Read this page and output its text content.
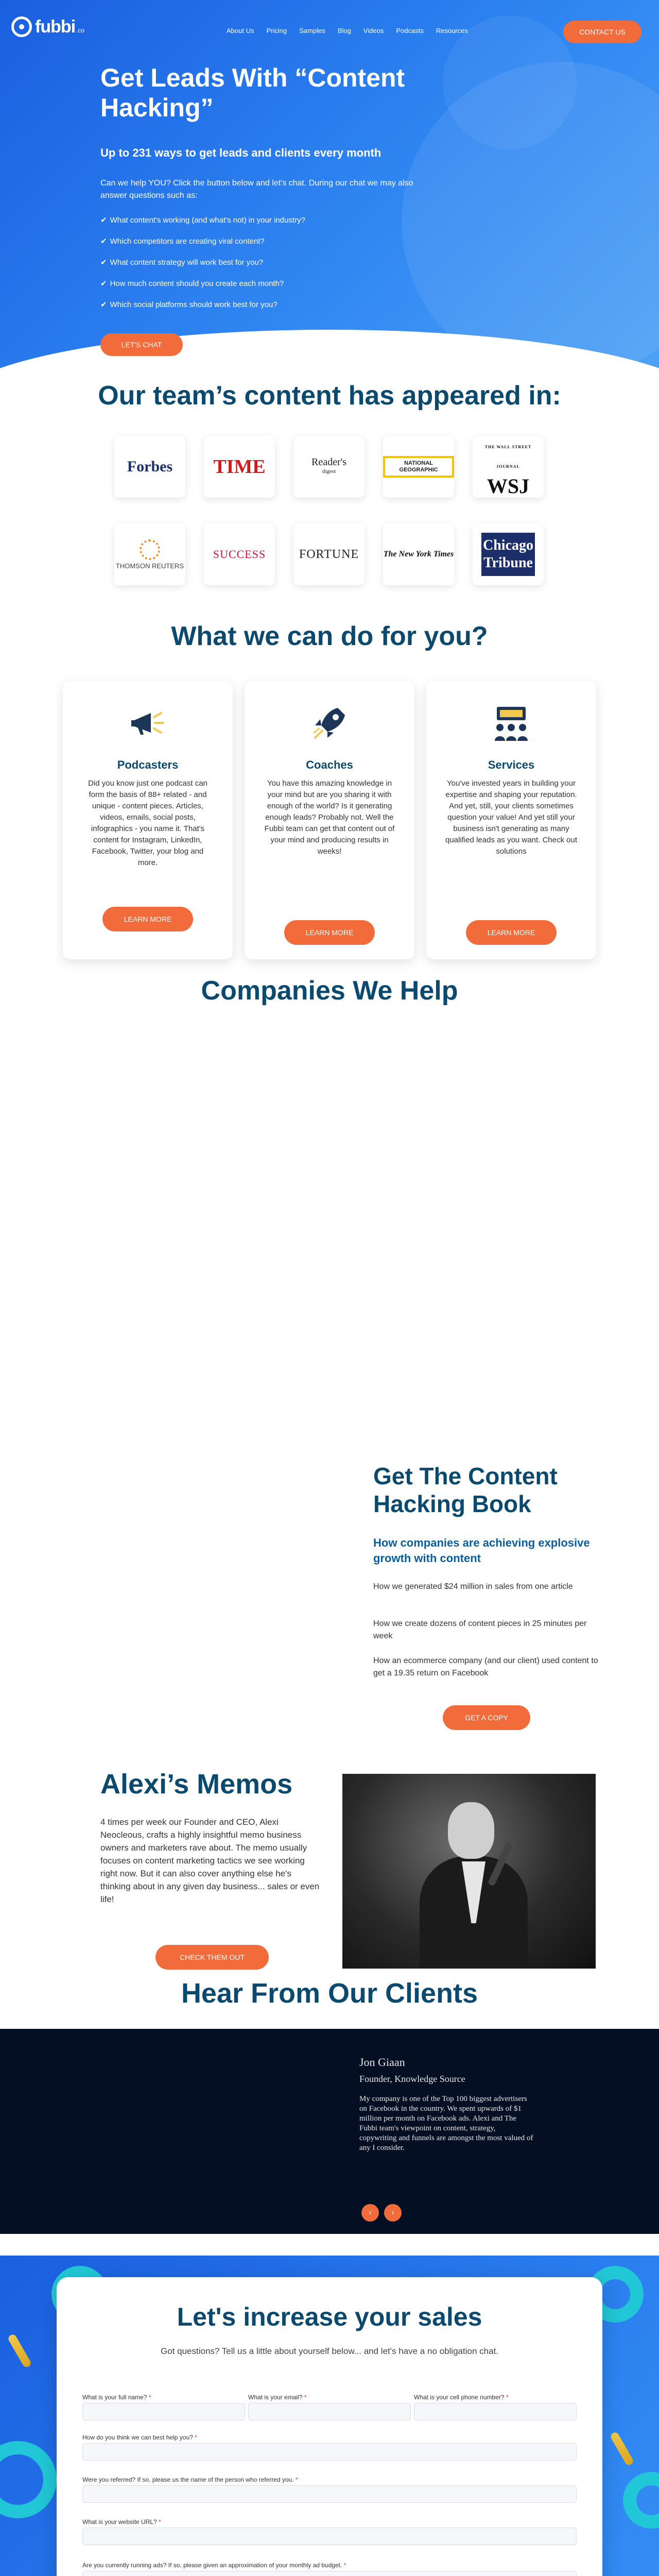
fubbi .co	About Us Pricing Samples Blog Videos Podcasts Resources	CONTACT US
Get Leads With “Content Hacking”
Up to 231 ways to get leads and clients every month

Can we help YOU? Click the button below and let's chat. During our chat we may also answer questions such as:

✔ What content's working (and what's not) in your industry?
✔ Which competitors are creating viral content?
✔ What content strategy will work best for you?
✔ How much content should you create each month?
✔ Which social platforms should work best for you?
LET'S CHAT
Our team’s content has appeared in:
Forbes TIME	Reader's
digest
NATIONAL GEOGRAPHIC
THE WALL STREET JOURNAL
WSJ
THOMSON REUTERS
SUCCESS	FORTUNE	The New York Times
Chicago Tribune
What we can do for you?
Podcasters

Did you know just one podcast can form the basis of 88+ related - and unique - content pieces. Articles, videos, emails, social posts, infographics - you name it. That's content for Instagram, LinkedIn, Facebook, Twitter, your blog and more.

LEARN MORE
Coaches

You have this amazing knowledge in your mind but are you sharing it with enough of the world? Is it generating enough leads? Probably not. Well the Fubbi team can get that content out of your mind and producing results in weeks!

LEARN MORE
Services

You've invested years in building your expertise and shaping your reputation. And yet, still, your clients sometimes question your value! And yet still your business isn't generating as many qualified leads as you want. Check out solutions

LEARN MORE
Companies We Help
Get The Content Hacking Book
How companies are achieving explosive growth with content

How we generated $24 million in sales from one article

How we create dozens of content pieces in 25 minutes per week

How an ecommerce company (and our client) used content to get a 19.35 return on Facebook

GET A COPY
Alexi’s Memos

4 times per week our Founder and CEO, Alexi Neocleous, crafts a highly insightful memo business owners and marketers rave about. The memo usually focuses on content marketing tactics we see working right now. But it can also cover anything else he's thinking about in any given day business... sales or even life!

CHECK THEM OUT
Hear From Our Clients
Jon Giaan
Founder, Knowledge Source

My company is one of the Top 100 biggest advertisers on Facebook in the country. We spent upwards of $1 million per month on Facebook ads. Alexi and The Fubbi team's viewpoint on content, strategy, copywriting and funnels are amongst the most valued of any I consider.

‹	›
Let's increase your sales

Got questions? Tell us a little about yourself below... and let's have a no obligation chat.

What is your full name? *	What is your email? *	What is your cell phone number? *
How do you think we can best help you? *
Were you referred? If so, please us the name of the person who referred you. *
What is your website URL? *
Are you currently running ads? If so, please given an approximation of your monthly ad budget. *
